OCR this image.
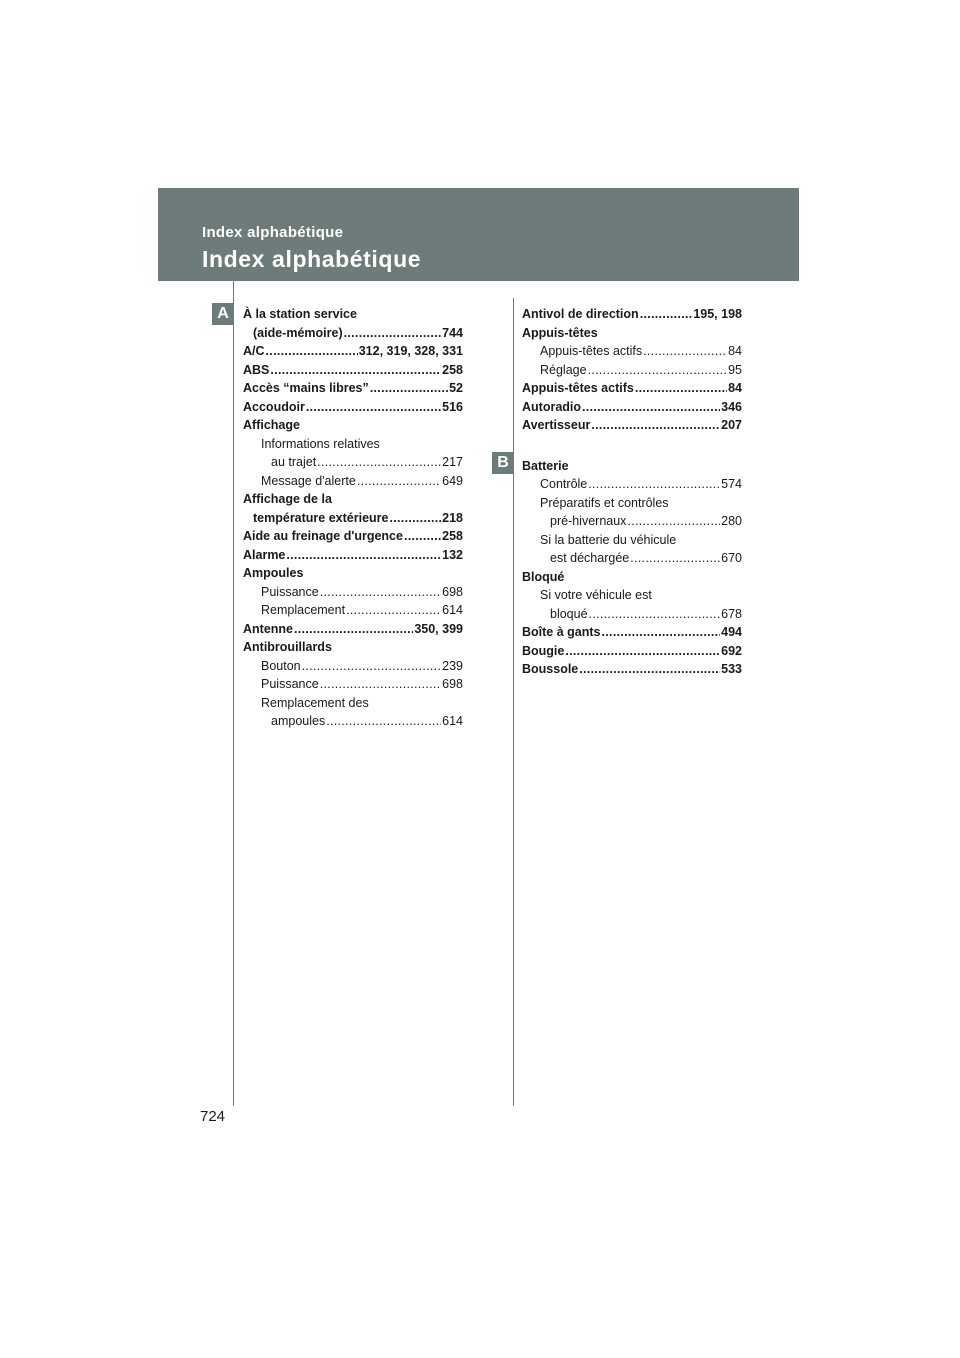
Index alphabétique
Index alphabétique
A
B
À la station service
(aide-mémoire) .....	744
A/C .....	312, 319, 328, 331
ABS .....	258
Accès “mains libres” .....	52
Accoudoir .....	516
Affichage
Informations relatives
au trajet .....	217
Message d'alerte .....	649
Affichage de la
température extérieure .....	218
Aide au freinage d'urgence .....	258
Alarme .....	132
Ampoules
Puissance .....	698
Remplacement .....	614
Antenne .....	350, 399
Antibrouillards
Bouton .....	239
Puissance .....	698
Remplacement des
ampoules .....	614
Antivol de direction .....	195, 198
Appuis-têtes
Appuis-têtes actifs .....	84
Réglage .....	95
Appuis-têtes actifs .....	84
Autoradio .....	346
Avertisseur .....	207
Batterie
Contrôle .....	574
Préparatifs et contrôles
pré-hivernaux .....	280
Si la batterie du véhicule
est déchargée .....	670
Bloqué
Si votre véhicule est
bloqué .....	678
Boîte à gants .....	494
Bougie .....	692
Boussole .....	533
724
